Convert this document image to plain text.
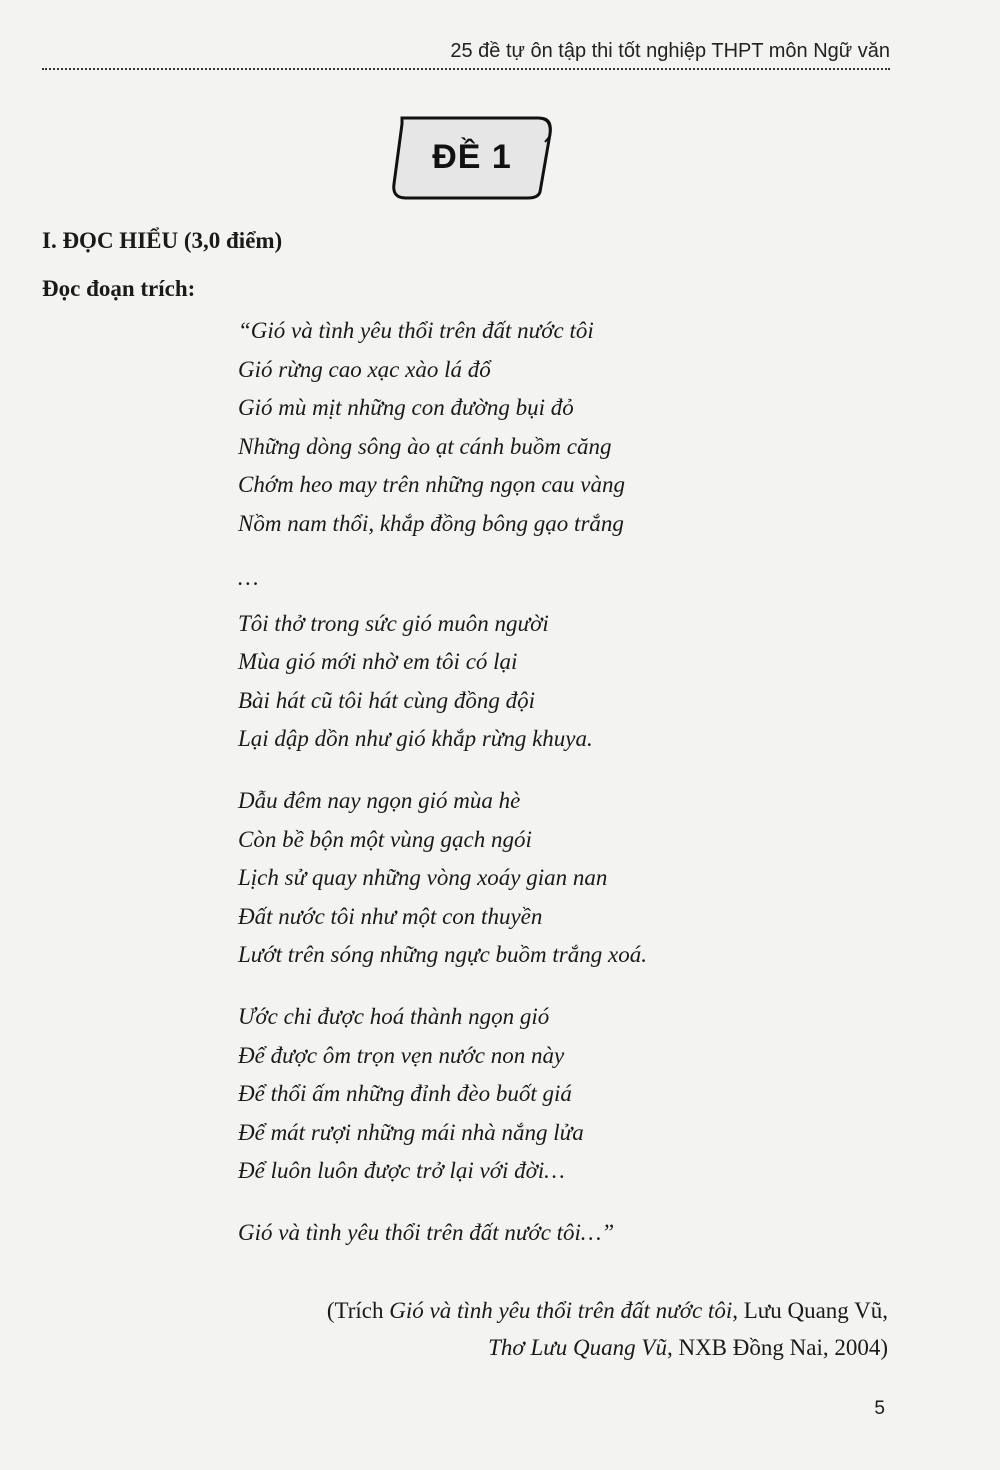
25 đề tự ôn tập thi tốt nghiệp THPT môn Ngữ văn
ĐỀ 1
I. ĐỌC HIỂU (3,0 điểm)
Đọc đoạn trích:
“Gió và tình yêu thổi trên đất nước tôi
Gió rừng cao xạc xào lá đổ
Gió mù mịt những con đường bụi đỏ
Những dòng sông ào ạt cánh buồm căng
Chớm heo may trên những ngọn cau vàng
Nồm nam thổi, khắp đồng bông gạo trắng
…
Tôi thở trong sức gió muôn người
Mùa gió mới nhờ em tôi có lại
Bài hát cũ tôi hát cùng đồng đội
Lại dập dồn như gió khắp rừng khuya.
Dẫu đêm nay ngọn gió mùa hè
Còn bề bộn một vùng gạch ngói
Lịch sử quay những vòng xoáy gian nan
Đất nước tôi như một con thuyền
Lướt trên sóng những ngực buồm trắng xoá.
Ước chi được hoá thành ngọn gió
Để được ôm trọn vẹn nước non này
Để thổi ấm những đỉnh đèo buốt giá
Để mát rượi những mái nhà nắng lửa
Để luôn luôn được trở lại với đời…
Gió và tình yêu thổi trên đất nước tôi…”
(Trích Gió và tình yêu thổi trên đất nước tôi, Lưu Quang Vũ,
Thơ Lưu Quang Vũ, NXB Đồng Nai, 2004)
5
